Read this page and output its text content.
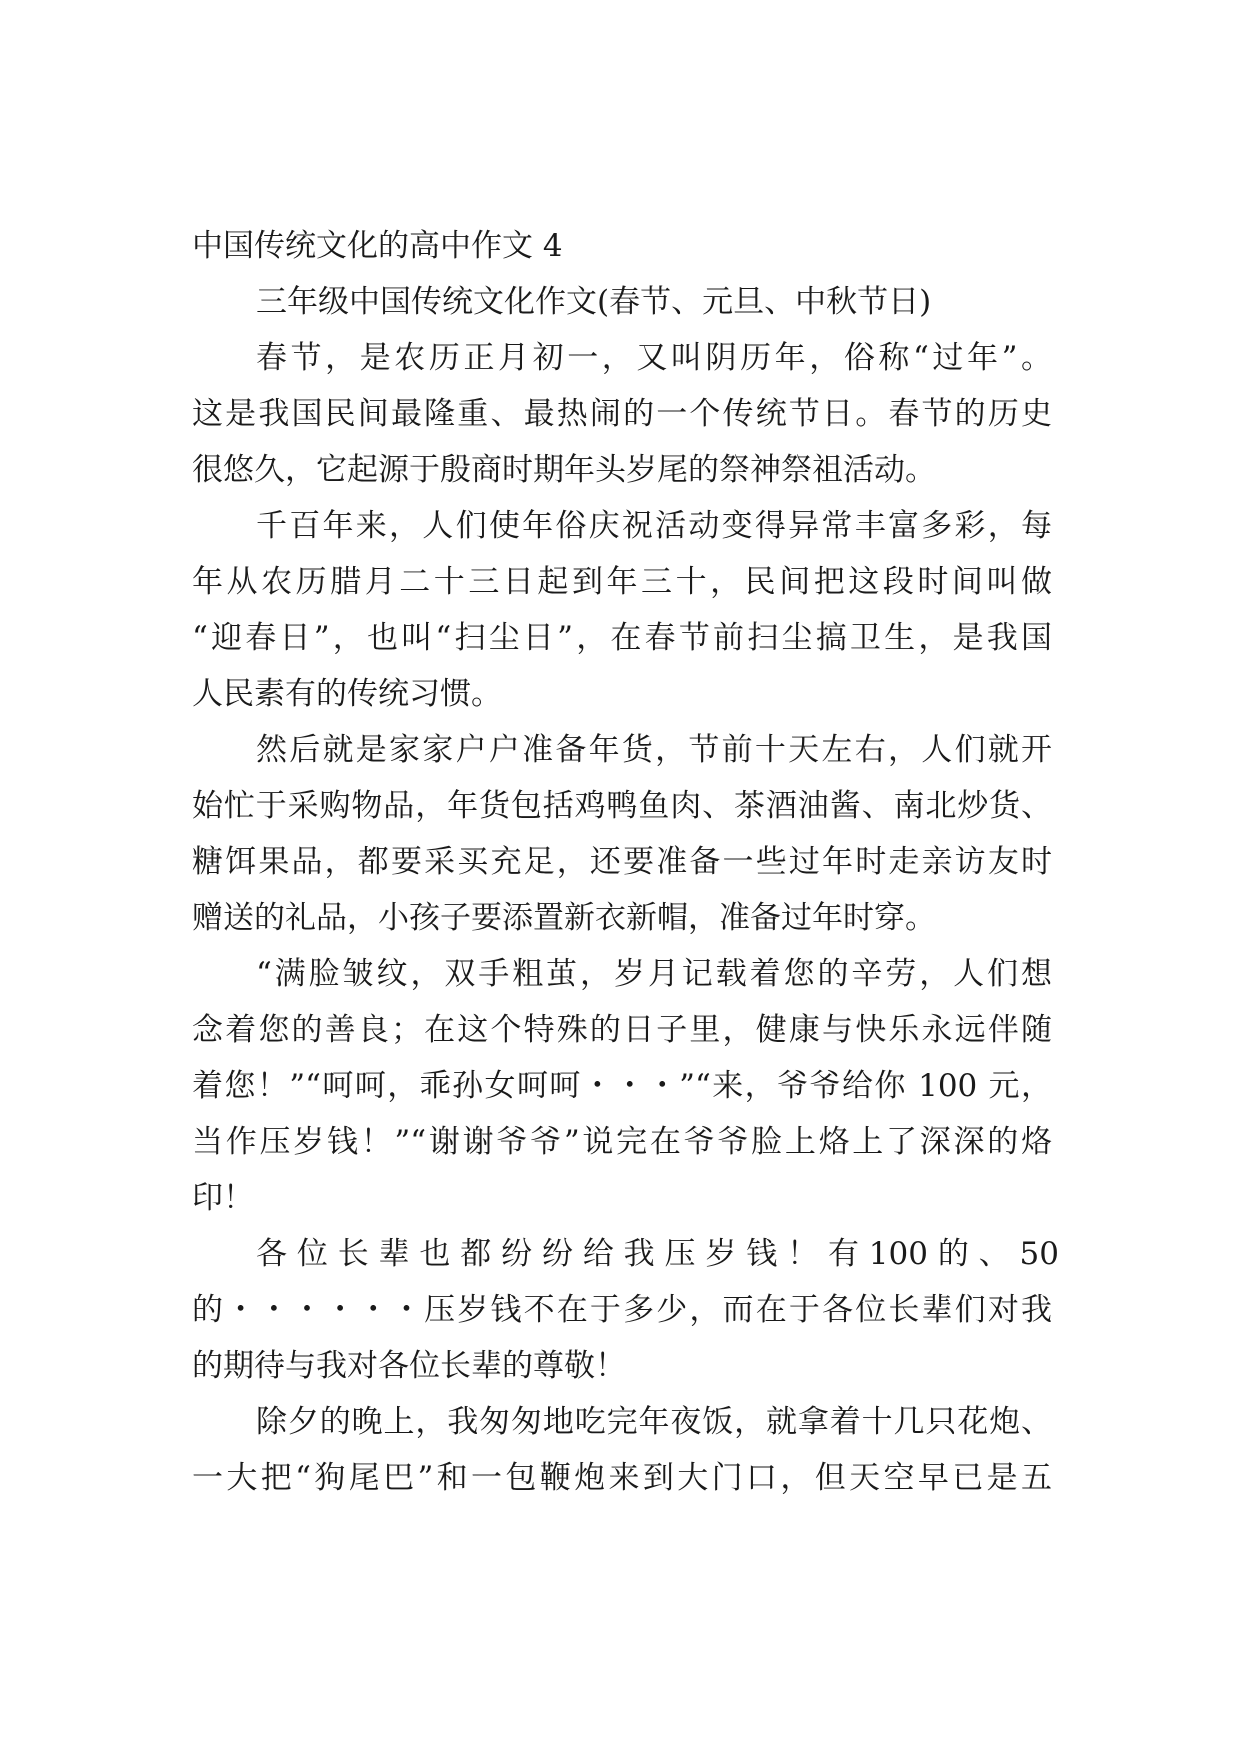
中国传统文化的高中作文 4
三年级中国传统文化作文(春节、元旦、中秋节日)
春节，是农历正月初一，又叫阴历年，俗称“过年”。
这是我国民间最隆重、最热闹的一个传统节日。春节的历史
很悠久，它起源于殷商时期年头岁尾的祭神祭祖活动。
千百年来，人们使年俗庆祝活动变得异常丰富多彩，每
年从农历腊月二十三日起到年三十，民间把这段时间叫做
“迎春日”，也叫“扫尘日”，在春节前扫尘搞卫生，是我国
人民素有的传统习惯。
然后就是家家户户准备年货，节前十天左右，人们就开
始忙于采购物品，年货包括鸡鸭鱼肉、茶酒油酱、南北炒货、
糖饵果品，都要采买充足，还要准备一些过年时走亲访友时
赠送的礼品，小孩子要添置新衣新帽，准备过年时穿。
“满脸皱纹，双手粗茧，岁月记载着您的辛劳，人们想
念着您的善良；在这个特殊的日子里，健康与快乐永远伴随
着您！”“呵呵，乖孙女呵呵・・・”“来，爷爷给你 100 元，
当作压岁钱！”“谢谢爷爷”说完在爷爷脸上烙上了深深的烙
印！
各 位 长 辈 也 都 纷 纷 给 我 压 岁 钱 ！ 有 100 的 、 50
的・・・・・・压岁钱不在于多少，而在于各位长辈们对我
的期待与我对各位长辈的尊敬！
除夕的晚上，我匆匆地吃完年夜饭，就拿着十几只花炮、
一大把“狗尾巴”和一包鞭炮来到大门口，但天空早已是五
